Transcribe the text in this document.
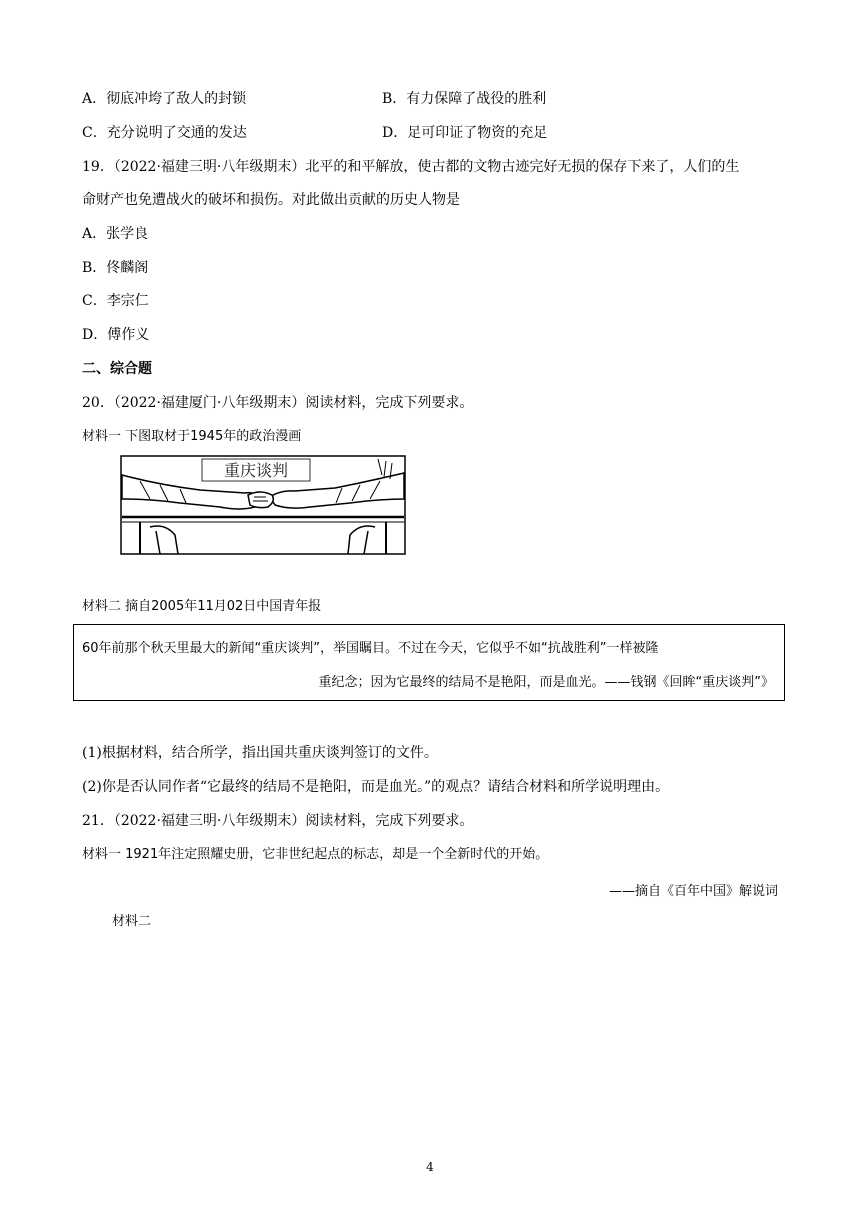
A．彻底冲垮了敌人的封锁	B．有力保障了战役的胜利
C．充分说明了交通的发达	D．足可印证了物资的充足
19．（2022·福建三明·八年级期末）北平的和平解放，使古都的文物古迹完好无损的保存下来了，人们的生
命财产也免遭战火的破坏和损伤。对此做出贡献的历史人物是
A．张学良
B．佟麟阁
C．李宗仁
D．傅作义
二、综合题
20．（2022·福建厦门·八年级期末）阅读材料，完成下列要求。
材料一 下图取材于1945年的政治漫画
重庆谈判
材料二 摘自2005年11月02日中国青年报
60年前那个秋天里最大的新闻“重庆谈判”，举国瞩目。不过在今天，它似乎不如“抗战胜利”一样被隆
重纪念；因为它最终的结局不是艳阳，而是血光。——钱钢《回眸“重庆谈判”》
(1)根据材料，结合所学，指出国共重庆谈判签订的文件。
(2)你是否认同作者“它最终的结局不是艳阳，而是血光。”的观点？请结合材料和所学说明理由。
21．（2022·福建三明·八年级期末）阅读材料，完成下列要求。
材料一 1921年注定照耀史册，它非世纪起点的标志，却是一个全新时代的开始。
——摘自《百年中国》解说词
材料二
4
